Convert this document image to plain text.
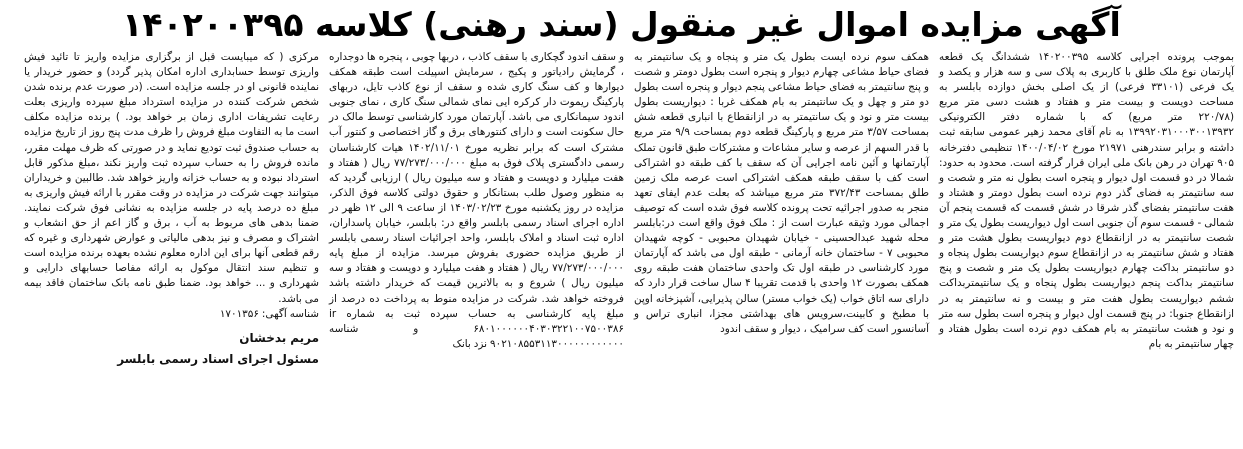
آگهی مزایده اموال غیر منقول (سند رهنی) کلاسه ۱۴۰۲۰۰۳۹۵

بموجب پرونده اجرایی کلاسه ۱۴۰۲۰۰۳۹۵ ششدانگ یک قطعه آپارتمان نوع ملک طلق با کاربری به پلاک سی و سه هزار و یکصد و یک فرعی (۳۳۱۰۱ فرعی) از یک اصلی بخش دوازده بابلسر به مساحت دویست و بیست متر و هفتاد و هشت دسی متر مربع (۲۲۰/۷۸ متر مربع) که با شماره دفتر الکترونیکی ۱۳۹۹۲۰۳۱۰۰۰۳۰۰۱۳۹۳۲ به نام آقای محمد زهیر عمومی سابقه ثبت داشته و برابر سندرهنی ۲۱۹۷۱ مورخ ۱۴۰۰/۰۴/۰۲ تنظیمی دفترخانه ۹۰۵ تهران در رهن بانک ملی ایران قرار گرفته است. محدود به حدود: شمالا در دو قسمت اول دیوار و پنجره است بطول نه متر و شصت و سه سانتیمتر به فضای گذر دوم نرده است بطول دومتر و هشتاد و هفت سانتیمتر بفضای گذر شرقا در شش قسمت که قسمت پنجم آن شمالی - قسمت سوم آن جنوبی است اول دیواریست بطول یک متر و شصت سانتیمتر به در ازانقطاع دوم دیواریست بطول هشت متر و هفتاد و شش سانتیمتر به در ازانقطاع سوم دیواریست بطول پنجاه و دو سانتیمتر بداکت چهارم دیواریست بطول یک متر و شصت و پنج سانتیمتر بداکت پنجم دیواریست بطول پنجاه و یک سانتیمتربداکت ششم دیواریست بطول هفت متر و بیست و نه سانتیمتر به در ازانقطاع جنوبا: در پنج قسمت اول دیوار و پنجره است بطول سه متر و نود و هشت سانتیمتر به بام همکف دوم نرده است بطول هفتاد و چهار سانتیمتر به بام

همکف سوم نرده ایست بطول یک متر و پنجاه و یک سانتیمتر به فضای حیاط مشاعی چهارم دیوار و پنجره است بطول دومتر و شصت و پنج سانتیمتر به فضای حیاط مشاعی پنجم دیوار و پنجره است بطول دو متر و چهل و یک سانتیمتر به بام همکف غربا : دیواریست بطول بیست متر و نود و یک سانتیمتر به در ازانقطاع با انباری قطعه شش بمساحت ۳/۵۷ متر مربع و پارکینگ قطعه دوم بمساحت ۹/۹ متر مربع با قدر السهم از عرصه و سایر مشاعات و مشترکات طبق قانون تملک آپارتمانها و آئین نامه اجرایی آن که سقف با کف طبقه دو اشتراکی است کف با سقف طبقه همکف اشتراکی است عرصه ملک زمین طلق بمساحت ۳۷۲/۴۳ متر مربع میباشد که بعلت عدم ایفای تعهد منجر به صدور اجرائیه تحت پرونده کلاسه فوق شده است که توصیف اجمالی مورد وثیقه عبارت است از : ملک فوق واقع است در:بابلسر محله شهید عبدالحسینی - خیابان شهیدان محبوبی - کوچه شهیدان محبوبی ۷ - ساختمان خانه آرمانی - طبقه اول می باشد که آپارتمان مورد کارشناسی در طبقه اول تک واحدی ساختمان هفت طبقه روی همکف بصورت ۱۲ واحدی با قدمت تقریبا ۴ سال ساخت قرار دارد که دارای سه اتاق خواب (یک خواب مستر) سالن پذیرایی، آشپزخانه اوپن با مطبخ و کابینت،سرویس های بهداشتی مجزا، انباری تراس و آسانسور است کف سرامیک ، دیوار و سقف اندود

و سقف اندود گچکاری با سقف کاذب ، دربها چوبی ، پنجره ها دوجداره ، گرمایش رادیاتور و پکیج ، سرمایش اسپیلت است طبقه همکف دیوارها و کف سنگ کاری شده و سقف از نوع کاذب تایل، دربهای پارکینگ ریموت دار کرکره ایی نمای شمالی سنگ کاری ، نمای جنوبی اندود سیمانکاری می باشد. آپارتمان مورد کارشناسی توسط مالک در حال سکونت است و دارای کنتورهای برق و گاز اختصاصی و کنتور آب مشترک است که برابر نظریه مورخ ۱۴۰۲/۱۱/۰۱ هیات کارشناسان رسمی دادگستری پلاک فوق به مبلغ ۷۷/۲۷۳/۰۰۰/۰۰۰ ریال ( هفتاد و هفت میلیارد و دویست و هفتاد و سه میلیون ریال ) ارزیابی گردید که به منظور وصول طلب بستانکار و حقوق دولتی کلاسه فوق الذکر، مزایده در روز یکشنبه مورخ ۱۴۰۳/۰۲/۲۳ از ساعت ۹ الی ۱۲ ظهر در اداره اجرای اسناد رسمی بابلسر واقع در: بابلسر، خیابان پاسداران، اداره ثبت اسناد و املاک بابلسر، واحد اجرائیات اسناد رسمی بابلسر از طریق مزایده حضوری بفروش میرسد. مزایده از مبلغ پایه ۷۷/۲۷۳/۰۰۰/۰۰۰ ریال ( هفتاد و هفت میلیارد و دویست و هفتاد و سه میلیون ریال ) شروع و به بالاترین قیمت که خریدار داشته باشد فروخته خواهد شد. شرکت در مزایده منوط به پرداخت ده درصد از مبلغ پایه کارشناسی به حساب سپرده ثبت به شماره ir ۶۸۰۱۰۰۰۰۰۰۴۰۳۰۳۲۲۱۰۰۷۵۰۰۳۸۶ و شناسه ۹۰۲۱۰۸۵۵۳۱۱۳۰۰۰۰۰۰۰۰۰۰۰۰ نزد بانک

مرکزی ( که میبایست قبل از برگزاری مزایده واریز تا تائید فیش واریزی توسط حسابداری اداره امکان پذیر گردد) و حضور خریدار یا نماینده قانونی او در جلسه مزایده است. (در صورت عدم برنده شدن شخص شرکت کننده در مزایده استرداد مبلغ سپرده واریزی بعلت رعایت تشریفات اداری زمان بر خواهد بود. ) برنده مزایده مکلف است ما به التفاوت مبلغ فروش را ظرف مدت پنج روز از تاریخ مزایده به حساب صندوق ثبت تودیع نماید و در صورتی که ظرف مهلت مقرر، مانده فروش را به حساب سپرده ثبت واریز نکند ،مبلغ مذکور قابل استرداد نبوده و به حساب خزانه واریز خواهد شد. طالبین و خریداران میتوانند جهت شرکت در مزایده در وقت مقرر با ارائه فیش واریزی به مبلغ ده درصد پایه در جلسه مزایده به نشانی فوق شرکت نمایند. ضمنا بدهی های مربوط به آب ، برق و گاز اعم از حق انشعاب و اشتراک و مصرف و نیز بدهی مالیاتی و عوارض شهرداری و غیره که رقم قطعی آنها برای این اداره معلوم نشده بعهده برنده مزایده است و تنظیم سند انتقال موکول به ارائه مفاصا حسابهای دارایی و شهرداری و ... خواهد بود. ضمنا طبق نامه بانک ساختمان فاقد بیمه می باشد.
شناسه آگهی: ۱۷۰۱۳۵۶

مریم بدخشان
مسئول اجرای اسناد رسمی بابلسر
